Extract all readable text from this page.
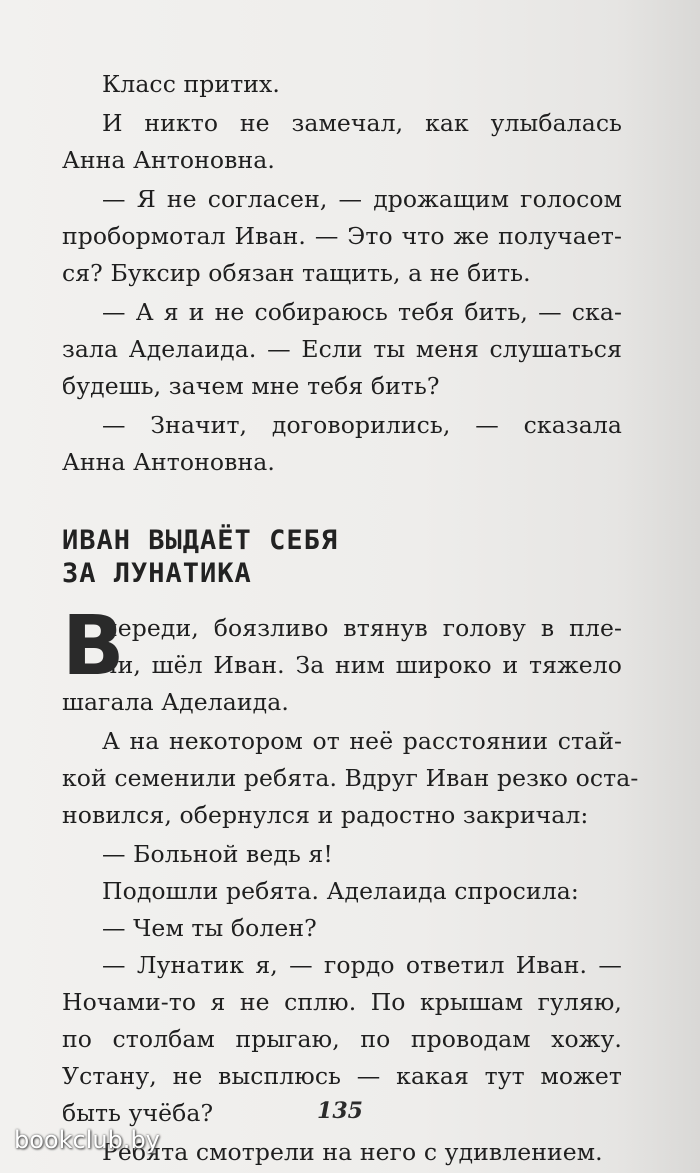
Класс притих.
И никто не замечал, как улыбалась
Анна Антоновна.
— Я не согласен, — дрожащим голосом
пробормотал Иван. — Это что же получает-
ся? Буксир обязан тащить, а не бить.
— А я и не собираюсь тебя бить, — ска-
зала Аделаида. — Если ты меня слушаться
будешь, зачем мне тебя бить?
— Значит, договорились, — сказала
Анна Антоновна.
ИВАН ВЫДАЁТ СЕБЯ
ЗА ЛУНАТИКА
В
переди, боязливо втянув голову в пле-
чи, шёл Иван. За ним широко и тяжело
шагала Аделаида.
А на некотором от неё расстоянии стай-
кой семенили ребята. Вдруг Иван резко оста-
новился, обернулся и радостно закричал:
— Больной ведь я!
Подошли ребята. Аделаида спросила:
— Чем ты болен?
— Лунатик я, — гордо ответил Иван. —
Ночами-то я не сплю. По крышам гуляю,
по столбам прыгаю, по проводам хожу.
Устану, не высплюсь — какая тут может
быть учёба?
Ребята смотрели на него с удивлением.
135
bookclub.by
